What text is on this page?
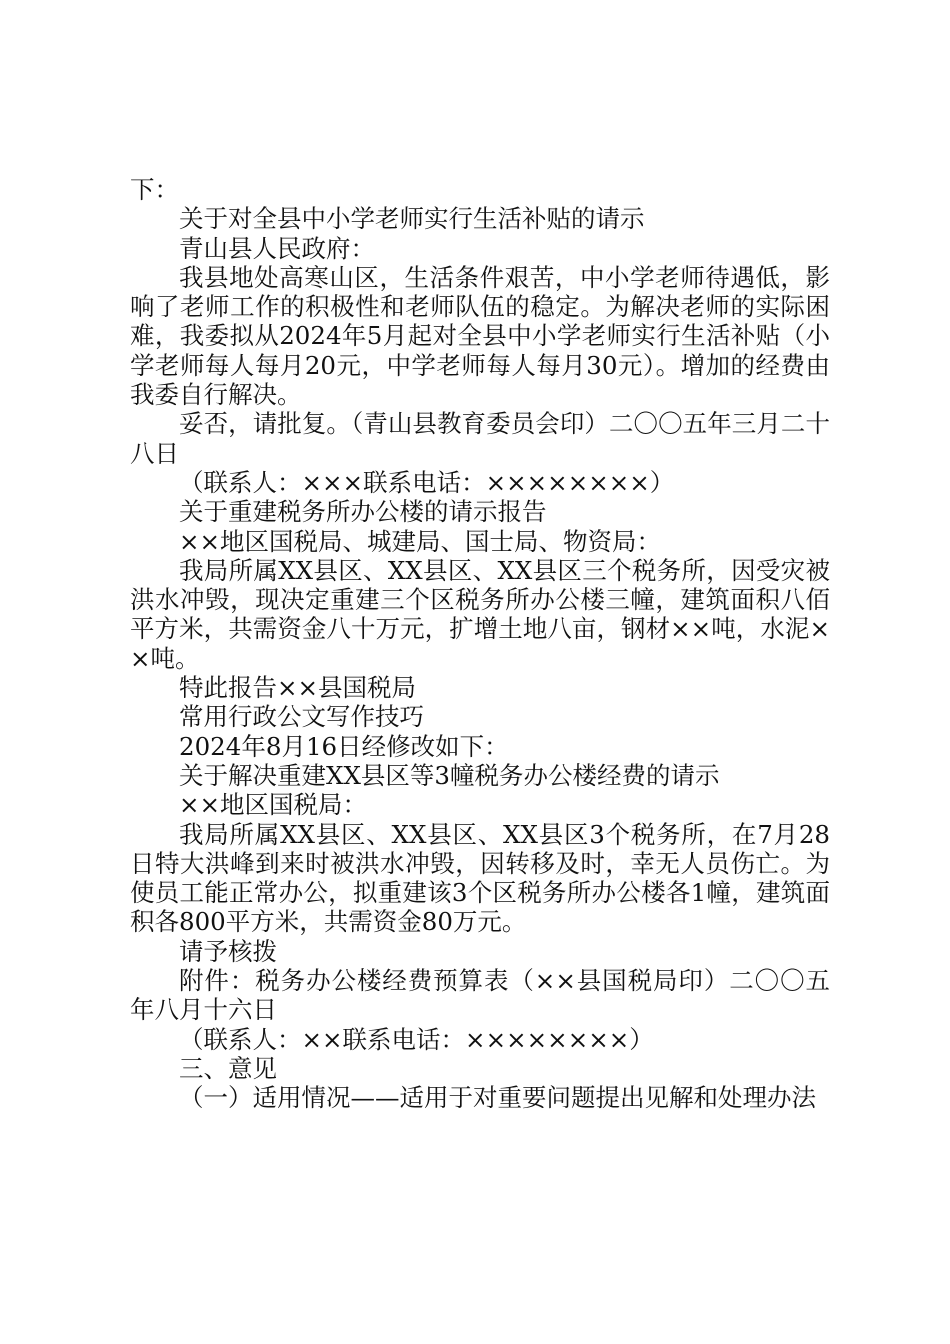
下：

关于对全县中小学老师实行生活补贴的请示

青山县人民政府：

我县地处高寒山区，生活条件艰苦，中小学老师待遇低，影响了老师工作的积极性和老师队伍的稳定。为解决老师的实际困难，我委拟从2024年5月起对全县中小学老师实行生活补贴（小学老师每人每月20元，中学老师每人每月30元）。增加的经费由我委自行解决。

妥否，请批复。（青山县教育委员会印）二〇〇五年三月二十八日

（联系人：×××联系电话：××××××××）

关于重建税务所办公楼的请示报告

××地区国税局、城建局、国士局、物资局：

我局所属XX县区、XX县区、XX县区三个税务所，因受灾被洪水冲毁，现决定重建三个区税务所办公楼三幢，建筑面积八佰平方米，共需资金八十万元，扩增土地八亩，钢材××吨，水泥××吨。

特此报告××县国税局

常用行政公文写作技巧

2024年8月16日经修改如下：

关于解决重建XX县区等3幢税务办公楼经费的请示

××地区国税局：

我局所属XX县区、XX县区、XX县区3个税务所，在7月28日特大洪峰到来时被洪水冲毁，因转移及时，幸无人员伤亡。为使员工能正常办公，拟重建该3个区税务所办公楼各1幢，建筑面积各800平方米，共需资金80万元。

请予核拨

附件：税务办公楼经费预算表（××县国税局印）二〇〇五年八月十六日

（联系人：××联系电话：××××××××）

三、意见

（一）适用情况——适用于对重要问题提出见解和处理办法
